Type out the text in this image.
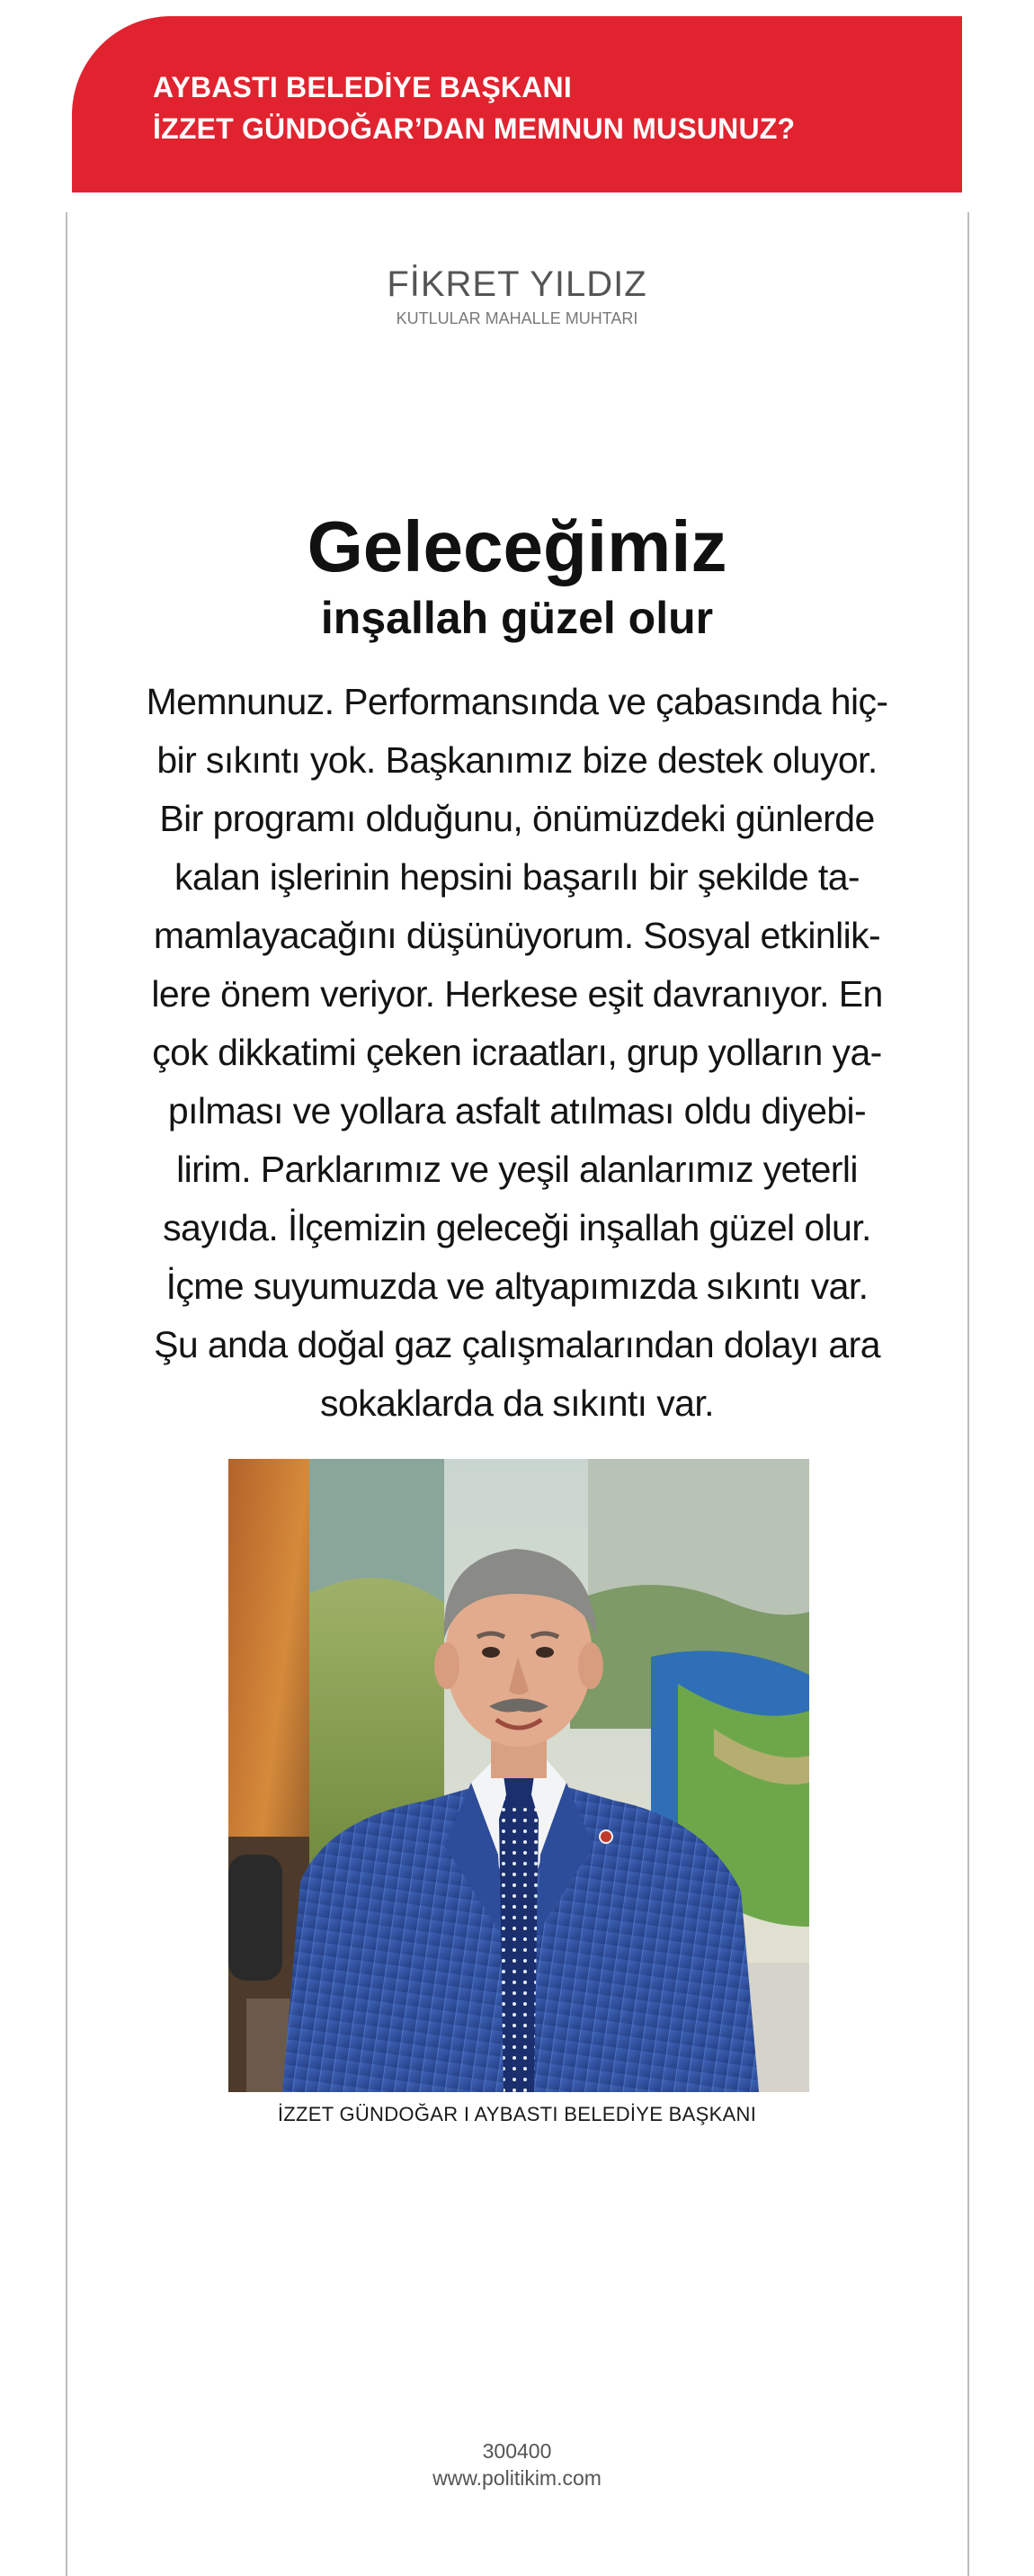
AYBASTI BELEDİYE BAŞKANI
İZZET GÜNDOĞAR’DAN MEMNUN MUSUNUZ?
FİKRET YILDIZ
KUTLULAR MAHALLE MUHTARI
Geleceğimiz
inşallah güzel olur
Memnunuz. Performansında ve çabasında hiç-
bir sıkıntı yok. Başkanımız bize destek oluyor.
Bir programı olduğunu, önümüzdeki günlerde
kalan işlerinin hepsini başarılı bir şekilde ta-
mamlayacağını düşünüyorum. Sosyal etkinlik-
lere önem veriyor. Herkese eşit davranıyor. En
çok dikkatimi çeken icraatları, grup yolların ya-
pılması ve yollara asfalt atılması oldu diyebi-
lirim. Parklarımız ve yeşil alanlarımız yeterli
sayıda. İlçemizin geleceği inşallah güzel olur.
İçme suyumuzda ve altyapımızda sıkıntı var.
Şu anda doğal gaz çalışmalarından dolayı ara
sokaklarda da sıkıntı var.
İZZET GÜNDOĞAR I AYBASTI BELEDİYE BAŞKANI
300400
www.politikim.com
